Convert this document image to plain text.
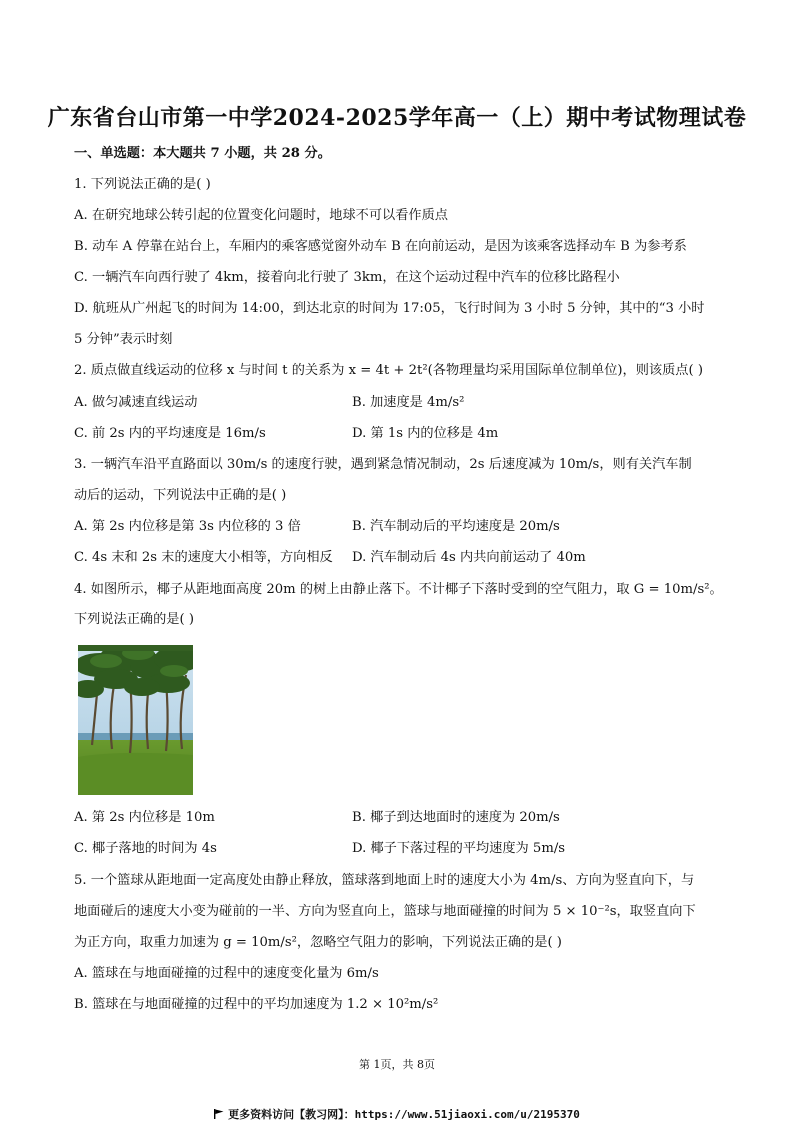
广东省台山市第一中学2024-2025学年高一（上）期中考试物理试卷
一、单选题：本大题共 7 小题，共 28 分。
1. 下列说法正确的是( )
A. 在研究地球公转引起的位置变化问题时，地球不可以看作质点
B. 动车 A 停靠在站台上，车厢内的乘客感觉窗外动车 B 在向前运动，是因为该乘客选择动车 B 为参考系
C. 一辆汽车向西行驶了 4km，接着向北行驶了 3km，在这个运动过程中汽车的位移比路程小
D. 航班从广州起飞的时间为 14:00，到达北京的时间为 17:05，飞行时间为 3 小时 5 分钟，其中的“3 小时
5 分钟”表示时刻
2. 质点做直线运动的位移 x 与时间 t 的关系为 x = 4t + 2t²(各物理量均采用国际单位制单位)，则该质点( )
A. 做匀减速直线运动	B. 加速度是 4m/s²
C. 前 2s 内的平均速度是 16m/s	D. 第 1s 内的位移是 4m
3. 一辆汽车沿平直路面以 30m/s 的速度行驶，遇到紧急情况制动，2s 后速度减为 10m/s，则有关汽车制
动后的运动，下列说法中正确的是( )
A. 第 2s 内位移是第 3s 内位移的 3 倍	B. 汽车制动后的平均速度是 20m/s
C. 4s 末和 2s 末的速度大小相等，方向相反 D. 汽车制动后 4s 内共向前运动了 40m
4. 如图所示，椰子从距地面高度 20m 的树上由静止落下。不计椰子下落时受到的空气阻力，取 G = 10m/s²。
下列说法正确的是( )
A. 第 2s 内位移是 10m	B. 椰子到达地面时的速度为 20m/s
C. 椰子落地的时间为 4s	D. 椰子下落过程的平均速度为 5m/s
5. 一个篮球从距地面一定高度处由静止释放，篮球落到地面上时的速度大小为 4m/s、方向为竖直向下，与
地面碰后的速度大小变为碰前的一半、方向为竖直向上，篮球与地面碰撞的时间为 5 × 10⁻²s，取竖直向下
为正方向，取重力加速为 g = 10m/s²，忽略空气阻力的影响，下列说法正确的是( )
A. 篮球在与地面碰撞的过程中的速度变化量为 6m/s
B. 篮球在与地面碰撞的过程中的平均加速度为 1.2 × 10²m/s²
第 1页，共 8页
更多资料访问【教习网】：https://www.51jiaoxi.com/u/2195370
